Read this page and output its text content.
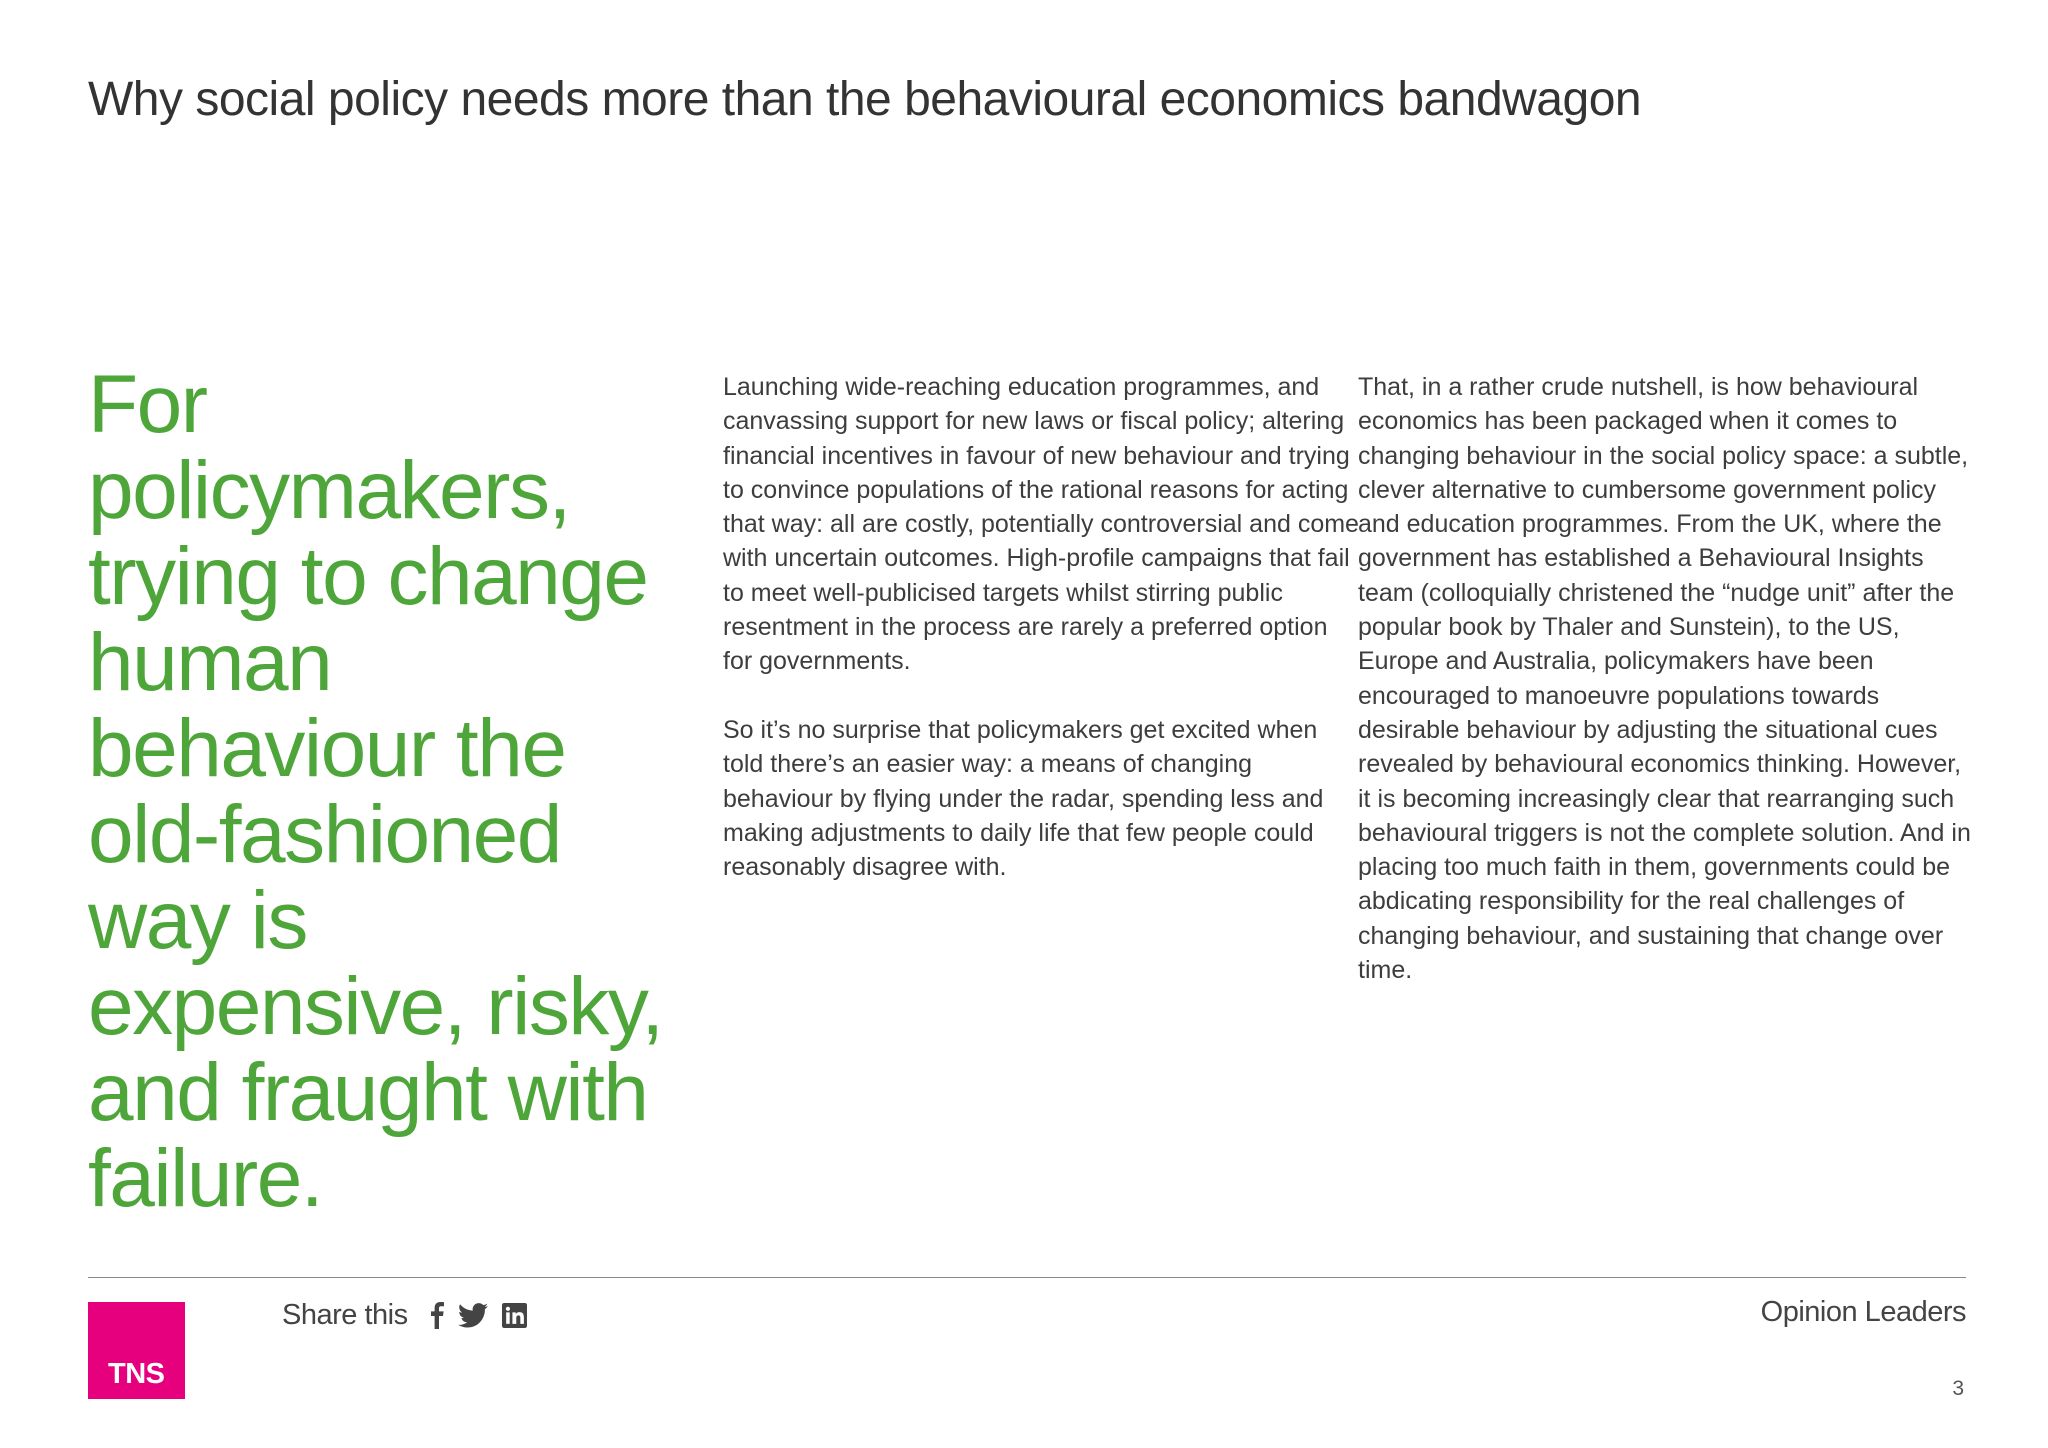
Why social policy needs more than the behavioural economics bandwagon

For policymakers, trying to change human behaviour the old-fashioned way is expensive, risky, and fraught with failure.

Launching wide-reaching education programmes, and canvassing support for new laws or fiscal policy; altering financial incentives in favour of new behaviour and trying to convince populations of the rational reasons for acting that way: all are costly, potentially controversial and come with uncertain outcomes. High-profile campaigns that fail to meet well-publicised targets whilst stirring public resentment in the process are rarely a preferred option for governments.

So it’s no surprise that policymakers get excited when told there’s an easier way: a means of changing behaviour by flying under the radar, spending less and making adjustments to daily life that few people could reasonably disagree with.

That, in a rather crude nutshell, is how behavioural economics has been packaged when it comes to changing behaviour in the social policy space: a subtle, clever alternative to cumbersome government policy and education programmes. From the UK, where the government has established a Behavioural Insights team (colloquially christened the “nudge unit” after the popular book by Thaler and Sunstein), to the US, Europe and Australia, policymakers have been encouraged to manoeuvre populations towards desirable behaviour by adjusting the situational cues revealed by behavioural economics thinking. However, it is becoming increasingly clear that rearranging such behavioural triggers is not the complete solution. And in placing too much faith in them, governments could be abdicating responsibility for the real challenges of changing behaviour, and sustaining that change over time.

TNS
Share this	Opinion Leaders
3
